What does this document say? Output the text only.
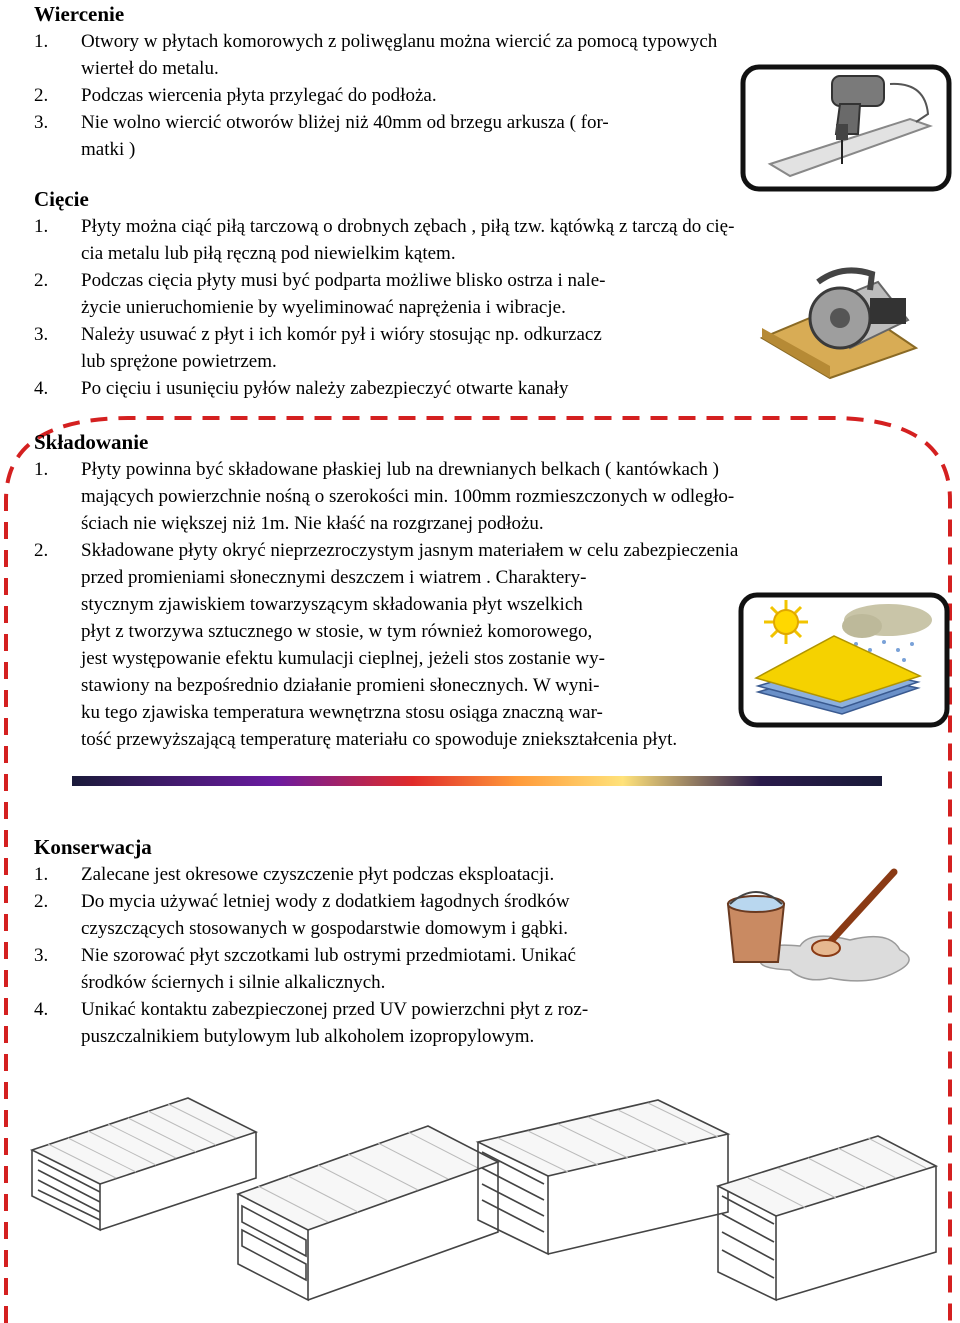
Wiercenie
1. Otwory w płytach komorowych z poliwęglanu można wiercić za pomocą typowych
wierteł do metalu.
2. Podczas wiercenia płyta przylegać do podłoża.
3. Nie wolno wiercić otworów bliżej niż 40mm od brzegu arkusza ( for-
matki )
Cięcie
1. Płyty można ciąć piłą tarczową o drobnych zębach , piłą tzw. kątówką z tarczą do cię-
cia metalu lub piłą ręczną pod niewielkim kątem.
2. Podczas cięcia płyty musi być podparta możliwe blisko ostrza i nale-
życie unieruchomienie by wyeliminować naprężenia i wibracje.
3. Należy usuwać z płyt i ich komór pył i wióry stosując np. odkurzacz
lub sprężone powietrzem.
4. Po cięciu i usunięciu pyłów należy zabezpieczyć otwarte kanały
Składowanie
1. Płyty powinna być składowane płaskiej lub na drewnianych belkach ( kantówkach )
mających powierzchnie nośną o szerokości min. 100mm rozmieszczonych w odległo-
ściach nie większej niż 1m. Nie kłaść na rozgrzanej podłożu.
2. Składowane płyty okryć nieprzezroczystym jasnym materiałem w celu zabezpieczenia
przed promieniami słonecznymi deszczem i wiatrem . Charaktery-
stycznym zjawiskiem towarzyszącym składowania płyt wszelkich
płyt z tworzywa sztucznego w stosie, w tym również komorowego,
jest występowanie efektu kumulacji cieplnej, jeżeli stos zostanie wy-
stawiony na bezpośrednio działanie promieni słonecznych. W wyni-
ku tego zjawiska temperatura wewnętrzna stosu osiąga znaczną war-
tość przewyższającą temperaturę materiału co spowoduje zniekształcenia płyt.
Konserwacja
1. Zalecane jest okresowe czyszczenie płyt podczas eksploatacji.
2. Do mycia używać letniej wody z dodatkiem łagodnych środków
czyszczących stosowanych w gospodarstwie domowym i gąbki.
3. Nie szorować płyt szczotkami lub ostrymi przedmiotami. Unikać
środków ściernych i silnie alkalicznych.
4. Unikać kontaktu zabezpieczonej przed UV powierzchni płyt z roz-
puszczalnikiem butylowym lub alkoholem izopropylowym.
